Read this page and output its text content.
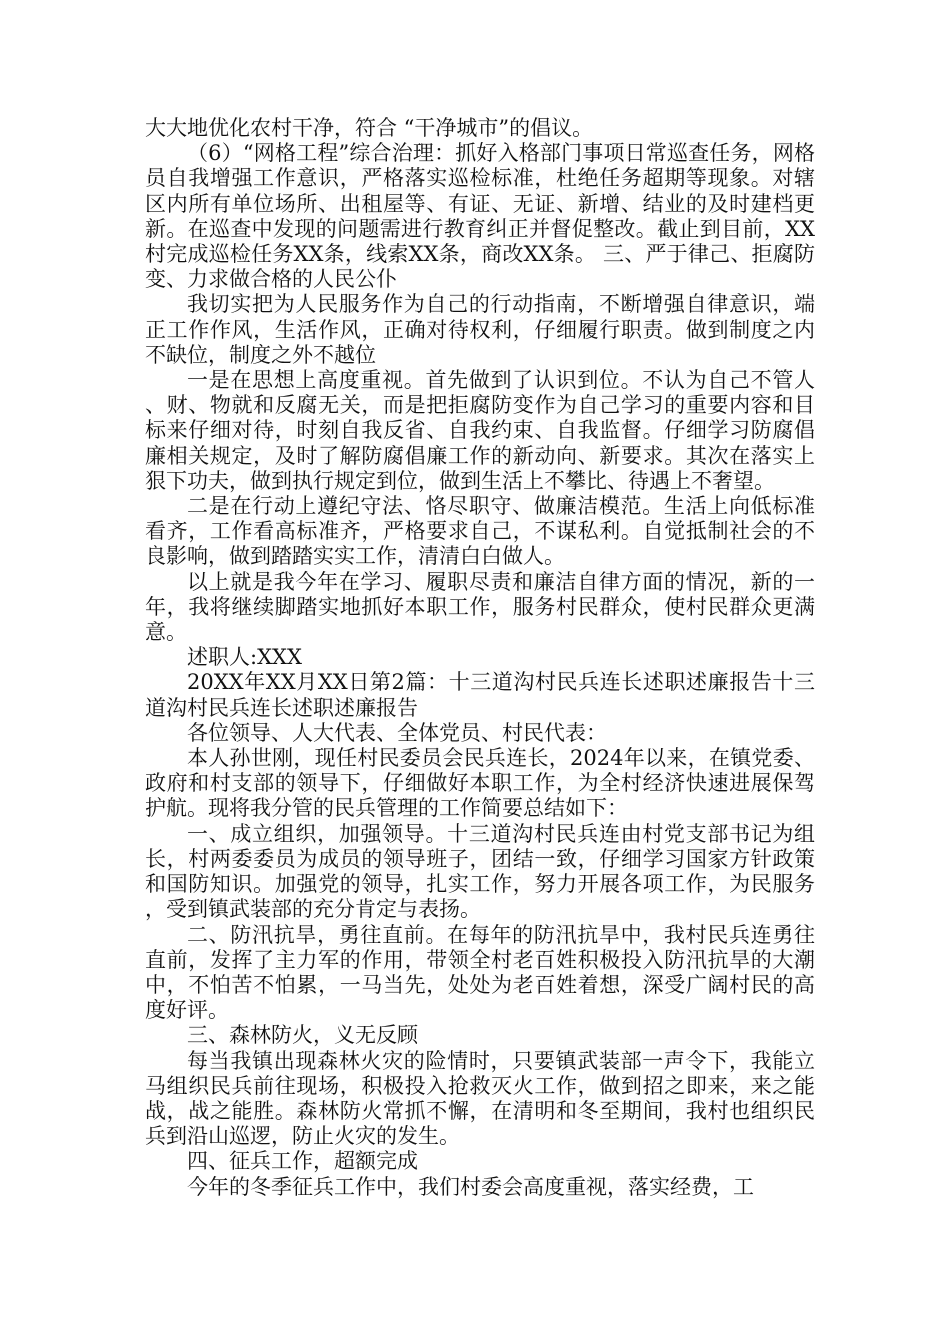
大大地优化农村干净，符合 “干净城市”的倡议。

（6）“网格工程”综合治理：抓好入格部门事项日常巡查任务，网格员自我增强工作意识，严格落实巡检标准，杜绝任务超期等现象。对辖区内所有单位场所、出租屋等、有证、无证、新增、结业的及时建档更新。在巡查中发现的问题需进行教育纠正并督促整改。截止到目前，XX村完成巡检任务XX条，线索XX条，商改XX条。 三、严于律己、拒腐防变、力求做合格的人民公仆

我切实把为人民服务作为自己的行动指南，不断增强自律意识，端正工作作风，生活作风，正确对待权利，仔细履行职责。做到制度之内不缺位，制度之外不越位

一是在思想上高度重视。首先做到了认识到位。不认为自己不管人、财、物就和反腐无关，而是把拒腐防变作为自己学习的重要内容和目标来仔细对待，时刻自我反省、自我约束、自我监督。仔细学习防腐倡廉相关规定，及时了解防腐倡廉工作的新动向、新要求。其次在落实上狠下功夫，做到执行规定到位，做到生活上不攀比、待遇上不奢望。

二是在行动上遵纪守法、恪尽职守、做廉洁模范。生活上向低标准看齐，工作看高标准齐，严格要求自己，不谋私利。自觉抵制社会的不良影响，做到踏踏实实工作，清清白白做人。

以上就是我今年在学习、履职尽责和廉洁自律方面的情况，新的一年，我将继续脚踏实地抓好本职工作，服务村民群众，使村民群众更满意。

述职人:XXX

20XX年XX月XX日第2篇：十三道沟村民兵连长述职述廉报告十三道沟村民兵连长述职述廉报告

各位领导、人大代表、全体党员、村民代表：

本人孙世刚，现任村民委员会民兵连长，2024年以来，在镇党委、政府和村支部的领导下，仔细做好本职工作，为全村经济快速进展保驾护航。现将我分管的民兵管理的工作简要总结如下：

一、成立组织，加强领导。十三道沟村民兵连由村党支部书记为组长，村两委委员为成员的领导班子，团结一致，仔细学习国家方针政策和国防知识。加强党的领导，扎实工作，努力开展各项工作，为民服务，受到镇武装部的充分肯定与表扬。

二、防汛抗旱，勇往直前。在每年的防汛抗旱中，我村民兵连勇往直前，发挥了主力军的作用，带领全村老百姓积极投入防汛抗旱的大潮中，不怕苦不怕累，一马当先，处处为老百姓着想，深受广阔村民的高度好评。

三、森林防火，义无反顾

每当我镇出现森林火灾的险情时，只要镇武装部一声令下，我能立马组织民兵前往现场，积极投入抢救灭火工作，做到招之即来，来之能战，战之能胜。森林防火常抓不懈，在清明和冬至期间，我村也组织民兵到沿山巡逻，防止火灾的发生。

四、征兵工作，超额完成

今年的冬季征兵工作中，我们村委会高度重视，落实经费，工
